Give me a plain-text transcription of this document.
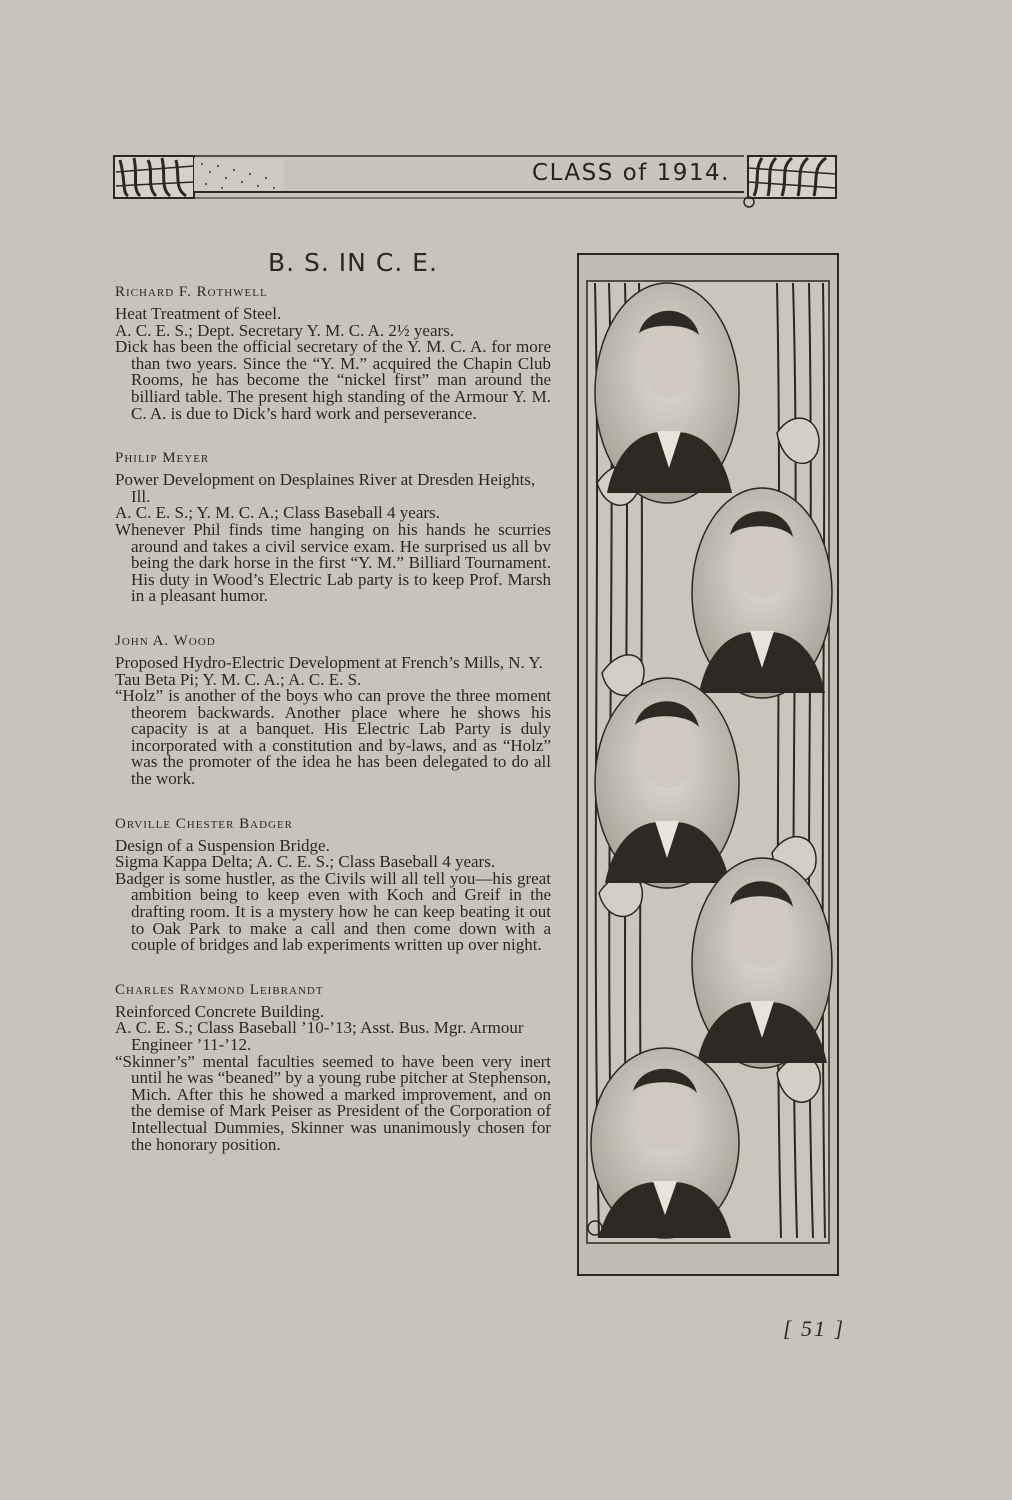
CLASS of 1914.
B. S. IN C. E.
Richard F. Rothwell
Heat Treatment of Steel.
A. C. E. S.; Dept. Secretary Y. M. C. A. 2½ years.
Dick has been the official secretary of the Y. M. C. A. for more than two years. Since the “Y. M.” acquired the Chapin Club Rooms, he has become the “nickel first” man around the billiard table. The present high standing of the Armour Y. M. C. A. is due to Dick’s hard work and perseverance.
Philip Meyer
Power Development on Desplaines River at Dresden Heights, Ill.
A. C. E. S.; Y. M. C. A.; Class Baseball 4 years.
Whenever Phil finds time hanging on his hands he scurries around and takes a civil service exam. He surprised us all bv being the dark horse in the first “Y. M.” Billiard Tournament. His duty in Wood’s Electric Lab party is to keep Prof. Marsh in a pleasant humor.
John A. Wood
Proposed Hydro-Electric Development at French’s Mills, N. Y.
Tau Beta Pi; Y. M. C. A.; A. C. E. S.
“Holz” is another of the boys who can prove the three moment theorem backwards. Another place where he shows his capacity is at a banquet. His Electric Lab Party is duly incorporated with a constitution and by-laws, and as “Holz” was the promoter of the idea he has been delegated to do all the work.
Orville Chester Badger
Design of a Suspension Bridge.
Sigma Kappa Delta; A. C. E. S.; Class Baseball 4 years.
Badger is some hustler, as the Civils will all tell you—his great ambition being to keep even with Koch and Greif in the drafting room. It is a mystery how he can keep beating it out to Oak Park to make a call and then come down with a couple of bridges and lab experiments written up over night.
Charles Raymond Leibrandt
Reinforced Concrete Building.
A. C. E. S.; Class Baseball ’10-’13; Asst. Bus. Mgr. Armour Engineer ’11-’12.
“Skinner’s” mental faculties seemed to have been very inert until he was “beaned” by a young rube pitcher at Stephenson, Mich. After this he showed a marked improvement, and on the demise of Mark Peiser as President of the Corporation of Intellectual Dummies, Skinner was unanimously chosen for the honorary position.
[ 51 ]
